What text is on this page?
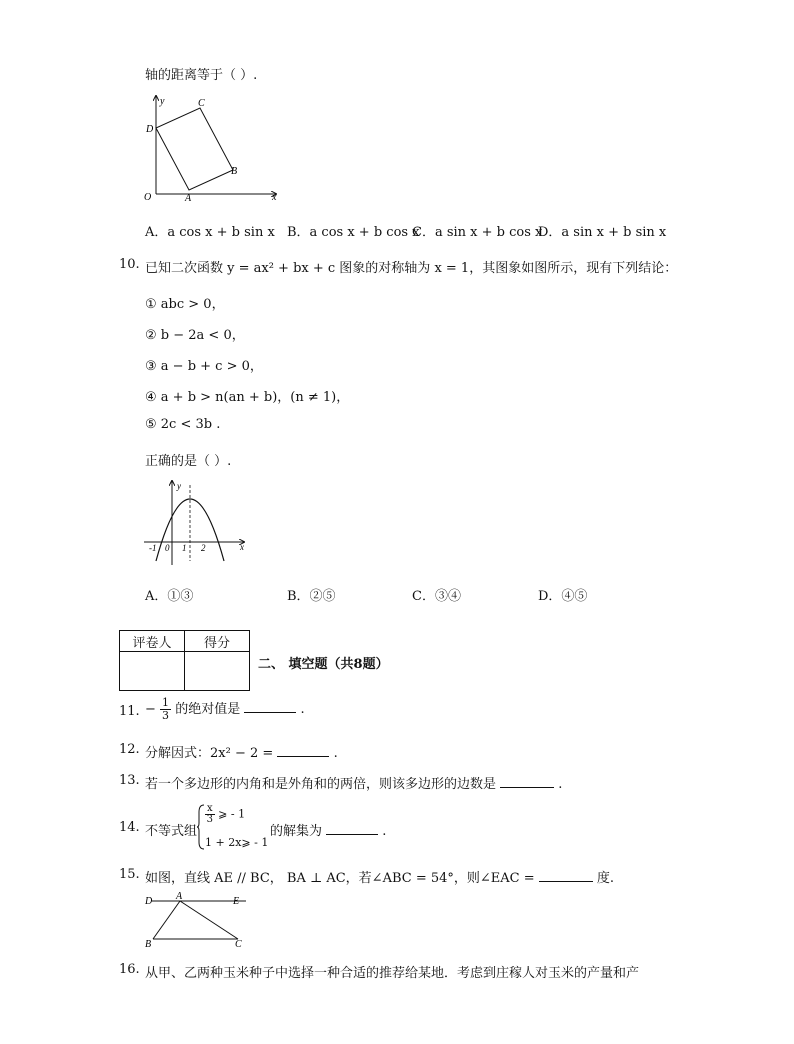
轴的距离等于（ ）.
y
x
O	A
B
C
D
A．a cos x + b sin x B．a cos x + b cos x
C．a sin x + b cos x
D．a sin x + b sin x
10. 已知二次函数 y = ax² + bx + c 图象的对称轴为 x = 1，其图象如图所示，现有下列结论：
① abc > 0，
② b − 2a < 0，
③ a − b + c > 0，
④ a + b > n(an + b)，(n ≠ 1)，
⑤ 2c < 3b .
正确的是（ ）.
y
x
-1 0 1 2
A．①③	B．②⑤	C．③④	D．④⑤
评卷人	得分

二、 填空题（共8题）
11. − $\frac{1}{3}$ 的绝对值是	.
12. 分解因式：2x² − 2 =	.
13. 若一个多边形的内角和是外角和的两倍，则该多边形的边数是	.
14. 不等式组
$\frac{x}{3}$ ⩾ - 1
1 + 2x⩾ - 1
的解集为	.
15. 如图，直线 AE // BC， BA ⊥ AC，若∠ABC = 54°，则∠EAC =	度.
D A	E
B	C
16. 从甲、乙两种玉米种子中选择一种合适的推荐给某地．考虑到庄稼人对玉米的产量和产
